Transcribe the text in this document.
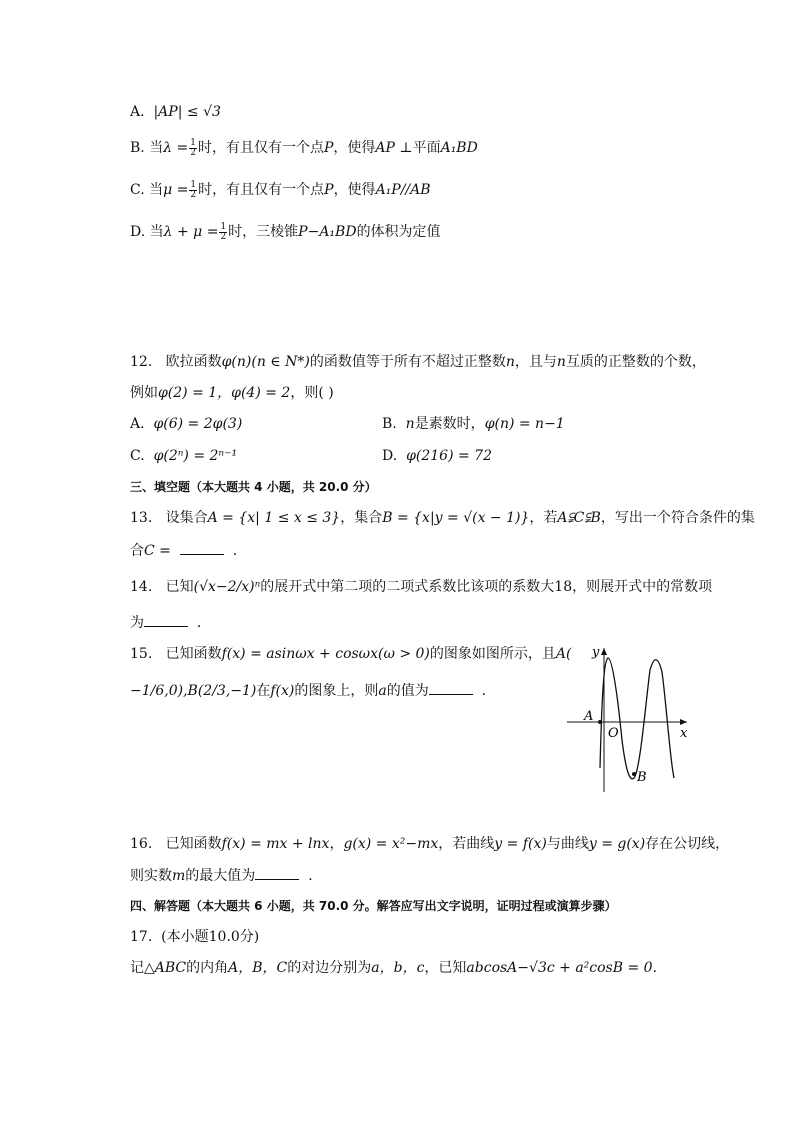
A. |AP| ≤ √3
B. 当$\lambda = \frac{1}{2}$ 时，有且仅有一个点P，使得AP ⊥平面A₁BD
C. 当$\mu = \frac{1}{2}$ 时，有且仅有一个点P，使得A₁P//AB
D. 当$\lambda + \mu = \frac{1}{2}$ 时，三棱锥P−A₁BD的体积为定值
12. 欧拉函数φ(n)(n ∈ N*)的函数值等于所有不超过正整数n，且与n互质的正整数的个数，
例如φ(2) = 1，φ(4) = 2，则( )
A. φ(6) = 2φ(3)	B. n是素数时，φ(n) = n−1
C. φ(2ⁿ) = 2ⁿ⁻¹	D. φ(216) = 72
三、填空题（本大题共 4 小题，共 20.0 分）
13. 设集合A = {x| 1 ≤ x ≤ 3}，集合B = {x|y = √(x − 1)}，若A⫋C⫋B，写出一个符合条件的集
合C =	．
14. 已知(√x−2/x)ⁿ的展开式中第二项的二项式系数比该项的系数大18，则展开式中的常数项
为	．
15. 已知函数f(x) = asinωx + cosωx(ω > 0)的图象如图所示，且A(
−1/6,0),B(2/3,−1)在f(x)的图象上，则a的值为	．
y
x
O
A
B
16. 已知函数f(x) = mx + lnx，g(x) = x²−mx，若曲线y = f(x)与曲线y = g(x)存在公切线，
则实数m的最大值为	．
四、解答题（本大题共 6 小题，共 70.0 分。解答应写出文字说明，证明过程或演算步骤）
17. (本小题10.0分)
记△ABC的内角A，B，C的对边分别为a，b，c，已知abcosA−√3c + a²cosB = 0.
